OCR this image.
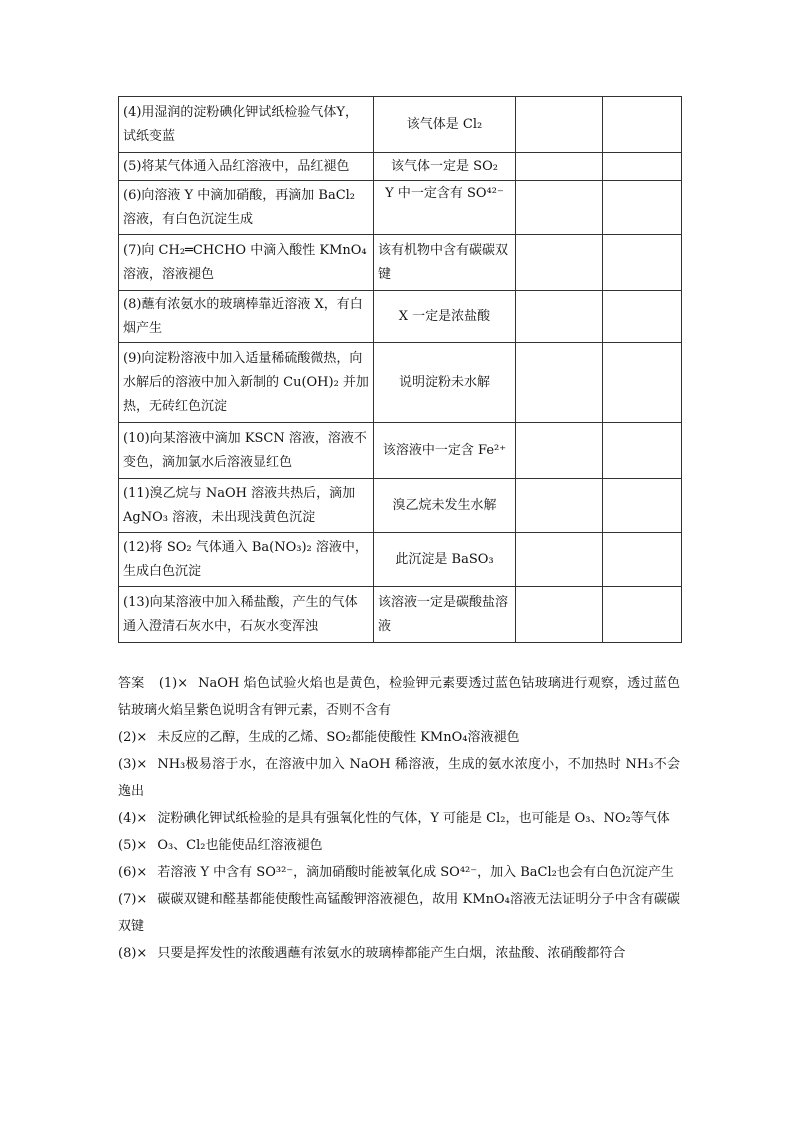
(4)用湿润的淀粉碘化钾试纸检验气体Y，试纸变蓝	该气体是 Cl₂		
(5)将某气体通入品红溶液中，品红褪色	该气体一定是 SO₂		
(6)向溶液 Y 中滴加硝酸，再滴加 BaCl₂ 溶液，有白色沉淀生成	Y 中一定含有 SO⁴²⁻		
(7)向 CH₂═CHCHO 中滴入酸性 KMnO₄溶液，溶液褪色	该有机物中含有碳碳双键		
(8)蘸有浓氨水的玻璃棒靠近溶液 X，有白烟产生	X 一定是浓盐酸		
(9)向淀粉溶液中加入适量稀硫酸微热，向水解后的溶液中加入新制的 Cu(OH)₂ 并加热，无砖红色沉淀	说明淀粉未水解		
(10)向某溶液中滴加 KSCN 溶液，溶液不变色，滴加氯水后溶液显红色	该溶液中一定含 Fe²⁺		
(11)溴乙烷与 NaOH 溶液共热后，滴加 AgNO₃ 溶液，未出现浅黄色沉淀	溴乙烷未发生水解		
(12)将 SO₂ 气体通入 Ba(NO₃)₂ 溶液中，生成白色沉淀	此沉淀是 BaSO₃		
(13)向某溶液中加入稀盐酸，产生的气体通入澄清石灰水中，石灰水变浑浊	该溶液一定是碳酸盐溶液		

答案 (1)× NaOH 焰色试验火焰也是黄色，检验钾元素要透过蓝色钴玻璃进行观察，透过蓝色钴玻璃火焰呈紫色说明含有钾元素，否则不含有

(2)× 未反应的乙醇，生成的乙烯、SO₂都能使酸性 KMnO₄溶液褪色

(3)× NH₃极易溶于水，在溶液中加入 NaOH 稀溶液，生成的氨水浓度小，不加热时 NH₃不会逸出

(4)× 淀粉碘化钾试纸检验的是具有强氧化性的气体，Y 可能是 Cl₂，也可能是 O₃、NO₂等气体

(5)× O₃、Cl₂也能使品红溶液褪色

(6)× 若溶液 Y 中含有 SO³²⁻，滴加硝酸时能被氧化成 SO⁴²⁻，加入 BaCl₂也会有白色沉淀产生

(7)× 碳碳双键和醛基都能使酸性高锰酸钾溶液褪色，故用 KMnO₄溶液无法证明分子中含有碳碳双键

(8)× 只要是挥发性的浓酸遇蘸有浓氨水的玻璃棒都能产生白烟，浓盐酸、浓硝酸都符合
